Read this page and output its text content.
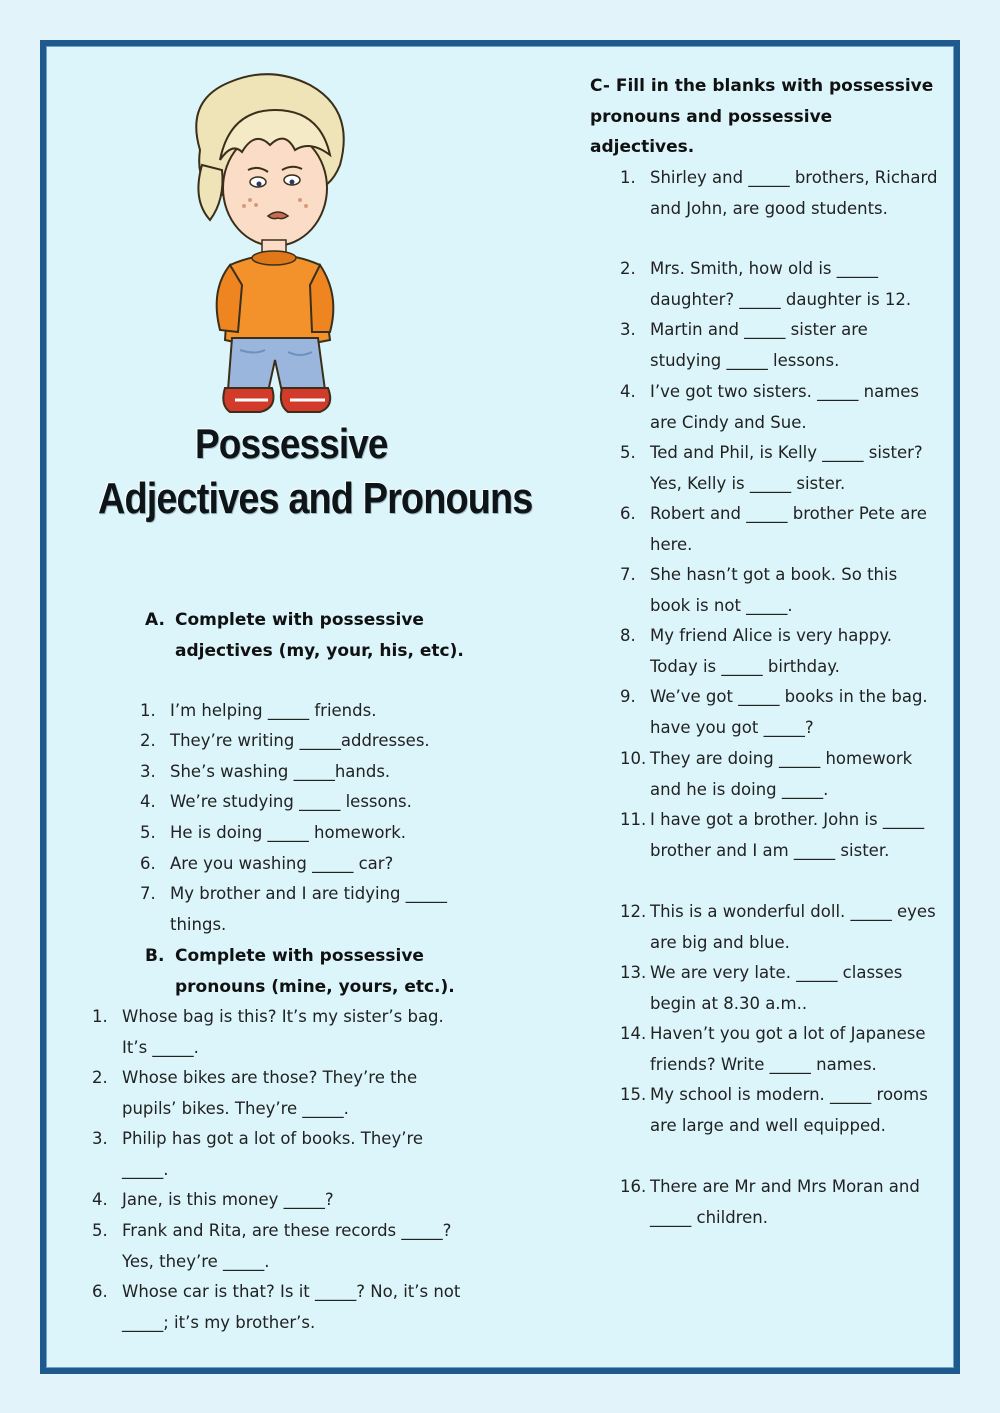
Possessive
Adjectives and Pronouns
A. Complete with possessive adjectives (my, your, his, etc).
1. I’m helping _____ friends.
2. They’re writing _____addresses.
3. She’s washing _____hands.
4. We’re studying _____ lessons.
5. He is doing _____ homework.
6. Are you washing _____ car?
7. My brother and I are tidying _____ things.
B. Complete with possessive pronouns (mine, yours, etc.).
1. Whose bag is this? It’s my sister’s bag. It’s _____.
2. Whose bikes are those? They’re the pupils’ bikes. They’re _____.
3. Philip has got a lot of books. They’re _____.
4. Jane, is this money _____?
5. Frank and Rita, are these records _____? Yes, they’re _____.
6. Whose car is that? Is it _____? No, it’s not _____; it’s my brother’s.
C- Fill in the blanks with possessive pronouns and possessive adjectives.
1. Shirley and _____ brothers, Richard and John, are good students.
2. Mrs. Smith, how old is _____ daughter? _____ daughter is 12.
3. Martin and _____ sister are studying _____ lessons.
4. I’ve got two sisters. _____ names are Cindy and Sue.
5. Ted and Phil, is Kelly _____ sister? Yes, Kelly is _____ sister.
6. Robert and _____ brother Pete are here.
7. She hasn’t got a book. So this book is not _____.
8. My friend Alice is very happy. Today is _____ birthday.
9. We’ve got _____ books in the bag. have you got _____?
10. They are doing _____ homework and he is doing _____.
11. I have got a brother. John is _____ brother and I am _____ sister.
12. This is a wonderful doll. _____ eyes are big and blue.
13. We are very late. _____ classes begin at 8.30 a.m..
14. Haven’t you got a lot of Japanese friends? Write _____ names.
15. My school is modern. _____ rooms are large and well equipped.
16. There are Mr and Mrs Moran and _____ children.
